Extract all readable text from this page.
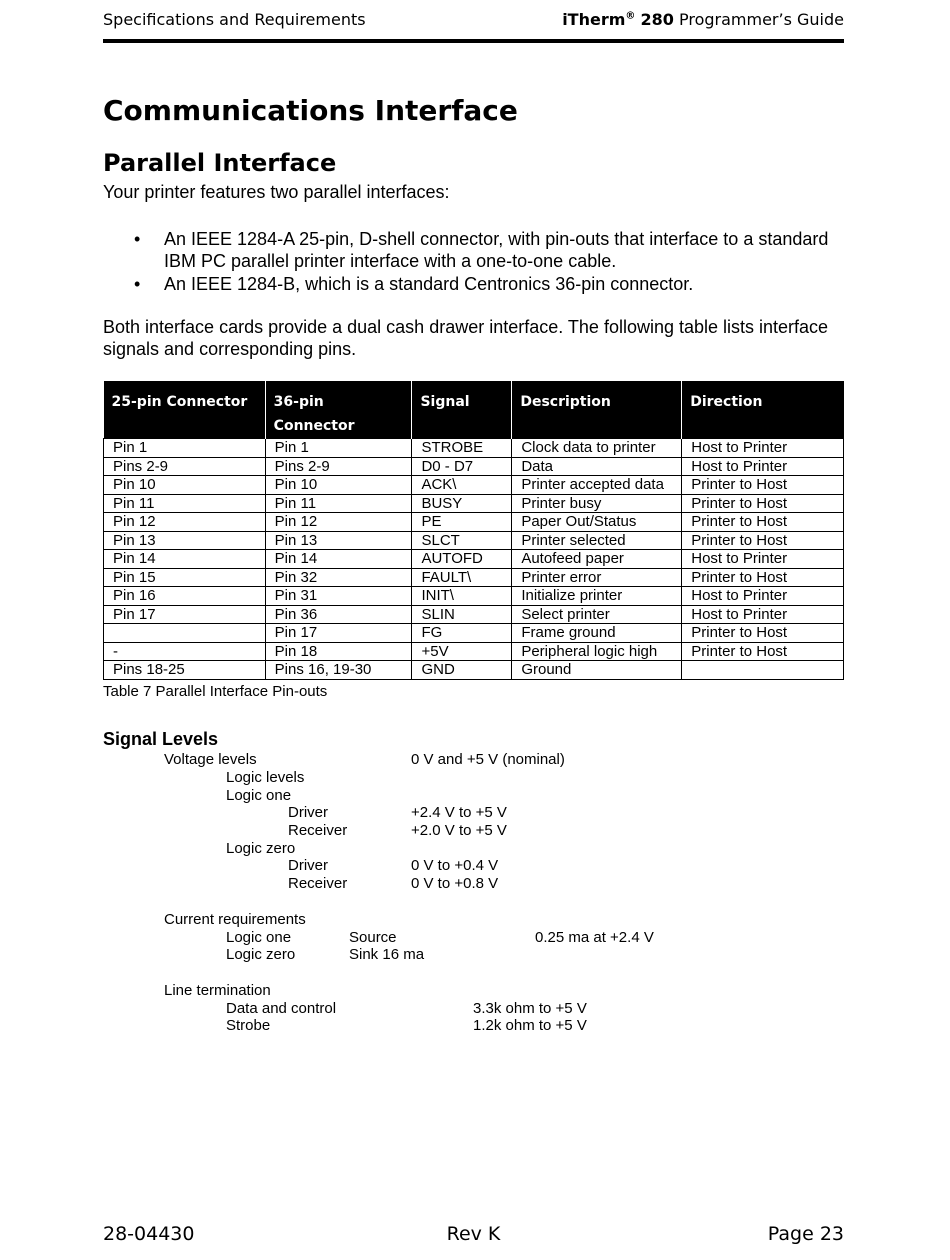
Specifications and Requirements	iTherm® 280 Programmer’s Guide
Communications Interface
Parallel Interface
Your printer features two parallel interfaces:
• An IEEE 1284-A 25-pin, D-shell connector, with pin-outs that interface to a standard IBM PC parallel printer interface with a one-to-one cable.
• An IEEE 1284-B, which is a standard Centronics 36-pin connector.
Both interface cards provide a dual cash drawer interface. The following table lists interface signals and corresponding pins.
25-pin Connector	36-pin Connector	Signal	Description	Direction
Pin 1	Pin 1	STROBE	Clock data to printer	Host to Printer
Pins 2-9	Pins 2-9	D0 - D7	Data	Host to Printer
Pin 10	Pin 10	ACK\	Printer accepted data	Printer to Host
Pin 11	Pin 11	BUSY	Printer busy	Printer to Host
Pin 12	Pin 12	PE	Paper Out/Status	Printer to Host
Pin 13	Pin 13	SLCT	Printer selected	Printer to Host
Pin 14	Pin 14	AUTOFD	Autofeed paper	Host to Printer
Pin 15	Pin 32	FAULT\	Printer error	Printer to Host
Pin 16	Pin 31	INIT\	Initialize printer	Host to Printer
Pin 17	Pin 36	SLIN	Select printer	Host to Printer
	Pin 17	FG	Frame ground	Printer to Host
-	Pin 18	+5V	Peripheral logic high	Printer to Host
Pins 18-25	Pins 16, 19-30	GND	Ground	
Table 7 Parallel Interface Pin-outs
Signal Levels
Voltage levels	0 V and +5 V (nominal)
Logic levels
Logic one
Driver	+2.4 V to +5 V
Receiver	+2.0 V to +5 V
Logic zero
Driver	0 V to +0.4 V
Receiver	0 V to +0.8 V
Current requirements
Logic one	Source	0.25 ma at +2.4 V
Logic zero	Sink 16 ma
Line termination
Data and control	3.3k ohm to +5 V
Strobe	1.2k ohm to +5 V
28-04430	Rev K	Page 23
